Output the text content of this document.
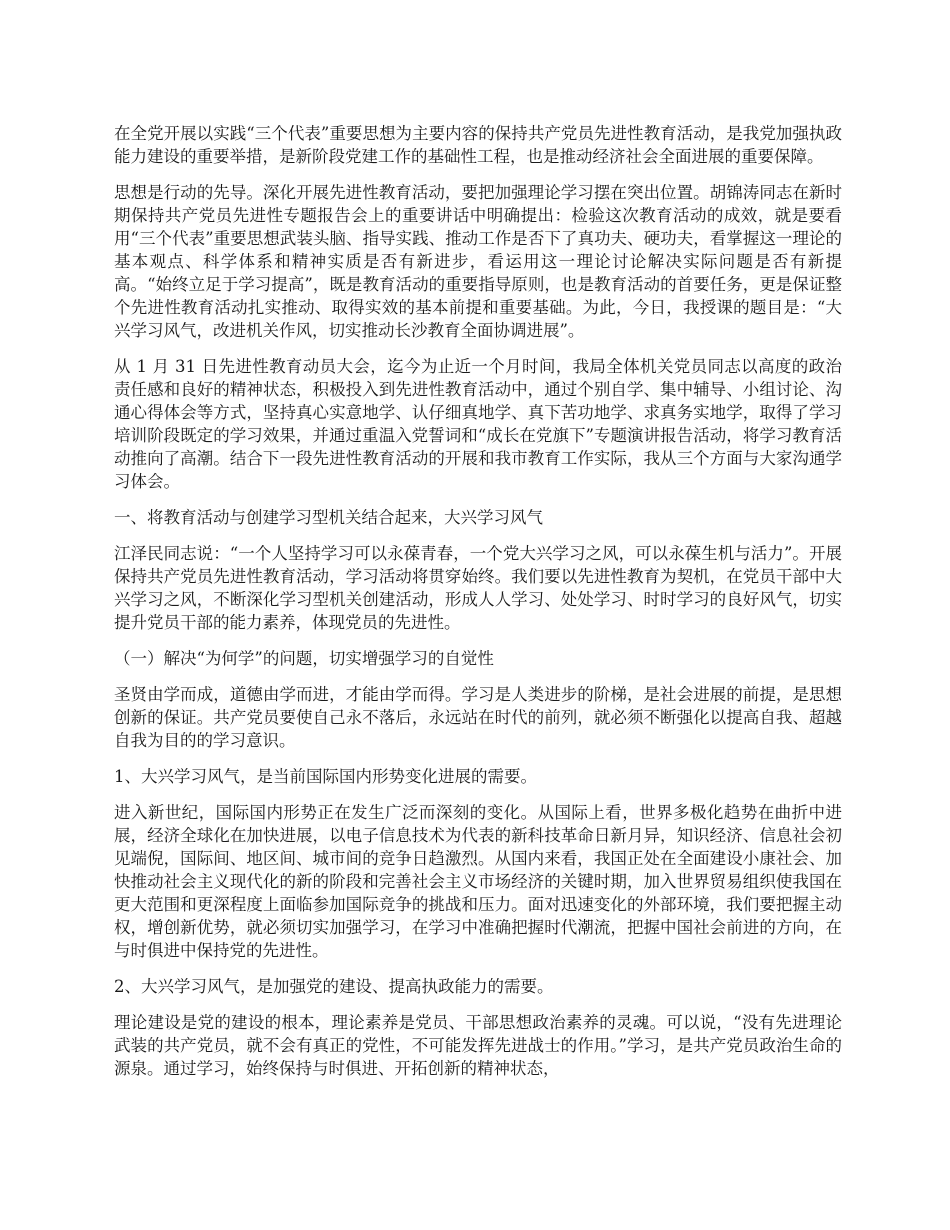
在全党开展以实践“三个代表”重要思想为主要内容的保持共产党员先进性教育活动，是我党加强执政能力建设的重要举措，是新阶段党建工作的基础性工程，也是推动经济社会全面进展的重要保障。

思想是行动的先导。深化开展先进性教育活动，要把加强理论学习摆在突出位置。胡锦涛同志在新时期保持共产党员先进性专题报告会上的重要讲话中明确提出：检验这次教育活动的成效，就是要看用“三个代表”重要思想武装头脑、指导实践、推动工作是否下了真功夫、硬功夫，看掌握这一理论的基本观点、科学体系和精神实质是否有新进步，看运用这一理论讨论解决实际问题是否有新提高。“始终立足于学习提高”，既是教育活动的重要指导原则，也是教育活动的首要任务，更是保证整个先进性教育活动扎实推动、取得实效的基本前提和重要基础。为此，今日，我授课的题目是：“大兴学习风气，改进机关作风，切实推动长沙教育全面协调进展”。

从 1 月 31 日先进性教育动员大会，迄今为止近一个月时间，我局全体机关党员同志以高度的政治责任感和良好的精神状态，积极投入到先进性教育活动中，通过个别自学、集中辅导、小组讨论、沟通心得体会等方式，坚持真心实意地学、认仔细真地学、真下苦功地学、求真务实地学，取得了学习培训阶段既定的学习效果，并通过重温入党誓词和“成长在党旗下”专题演讲报告活动，将学习教育活动推向了高潮。结合下一段先进性教育活动的开展和我市教育工作实际，我从三个方面与大家沟通学习体会。

一、将教育活动与创建学习型机关结合起来，大兴学习风气

江泽民同志说：“一个人坚持学习可以永葆青春，一个党大兴学习之风，可以永葆生机与活力”。开展保持共产党员先进性教育活动，学习活动将贯穿始终。我们要以先进性教育为契机，在党员干部中大兴学习之风，不断深化学习型机关创建活动，形成人人学习、处处学习、时时学习的良好风气，切实提升党员干部的能力素养，体现党员的先进性。

（一）解决“为何学”的问题，切实增强学习的自觉性

圣贤由学而成，道德由学而进，才能由学而得。学习是人类进步的阶梯，是社会进展的前提，是思想创新的保证。共产党员要使自己永不落后，永远站在时代的前列，就必须不断强化以提高自我、超越自我为目的的学习意识。

1、大兴学习风气，是当前国际国内形势变化进展的需要。

进入新世纪，国际国内形势正在发生广泛而深刻的变化。从国际上看，世界多极化趋势在曲折中进展，经济全球化在加快进展，以电子信息技术为代表的新科技革命日新月异，知识经济、信息社会初见端倪，国际间、地区间、城市间的竞争日趋激烈。从国内来看，我国正处在全面建设小康社会、加快推动社会主义现代化的新的阶段和完善社会主义市场经济的关键时期，加入世界贸易组织使我国在更大范围和更深程度上面临参加国际竞争的挑战和压力。面对迅速变化的外部环境，我们要把握主动权，增创新优势，就必须切实加强学习，在学习中准确把握时代潮流，把握中国社会前进的方向，在与时俱进中保持党的先进性。

2、大兴学习风气，是加强党的建设、提高执政能力的需要。

理论建设是党的建设的根本，理论素养是党员、干部思想政治素养的灵魂。可以说，“没有先进理论武装的共产党员，就不会有真正的党性，不可能发挥先进战士的作用。”学习，是共产党员政治生命的源泉。通过学习，始终保持与时俱进、开拓创新的精神状态，
